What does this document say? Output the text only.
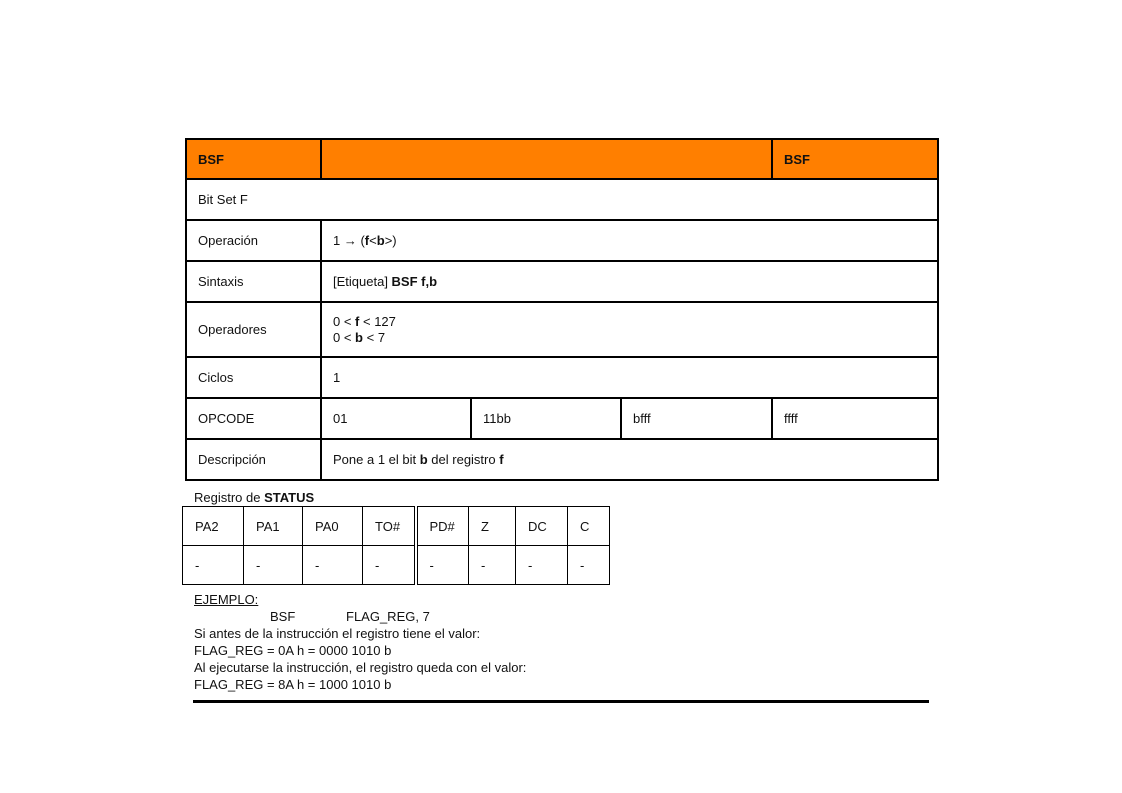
BSF				BSF
Bit Set F				
Operación	1 → (f<b>)			
Sintaxis	[Etiqueta] BSF f,b			
Operadores	0 < f < 127
0 < b < 7			

Ciclos	1			
OPCODE	01	11bb	bfff	ffff
Descripción	Pone a 1 el bit b del registro f			
Registro de STATUS
PA2	PA1	PA0	TO#	PD#	Z	DC	C
-	-	-	-	-	-	-	-
EJEMPLO:
BSF	FLAG_REG, 7
Si antes de la instrucción el registro tiene el valor:
FLAG_REG = 0A h = 0000 1010 b
Al ejecutarse la instrucción, el registro queda con el valor:
FLAG_REG = 8A h = 1000 1010 b
